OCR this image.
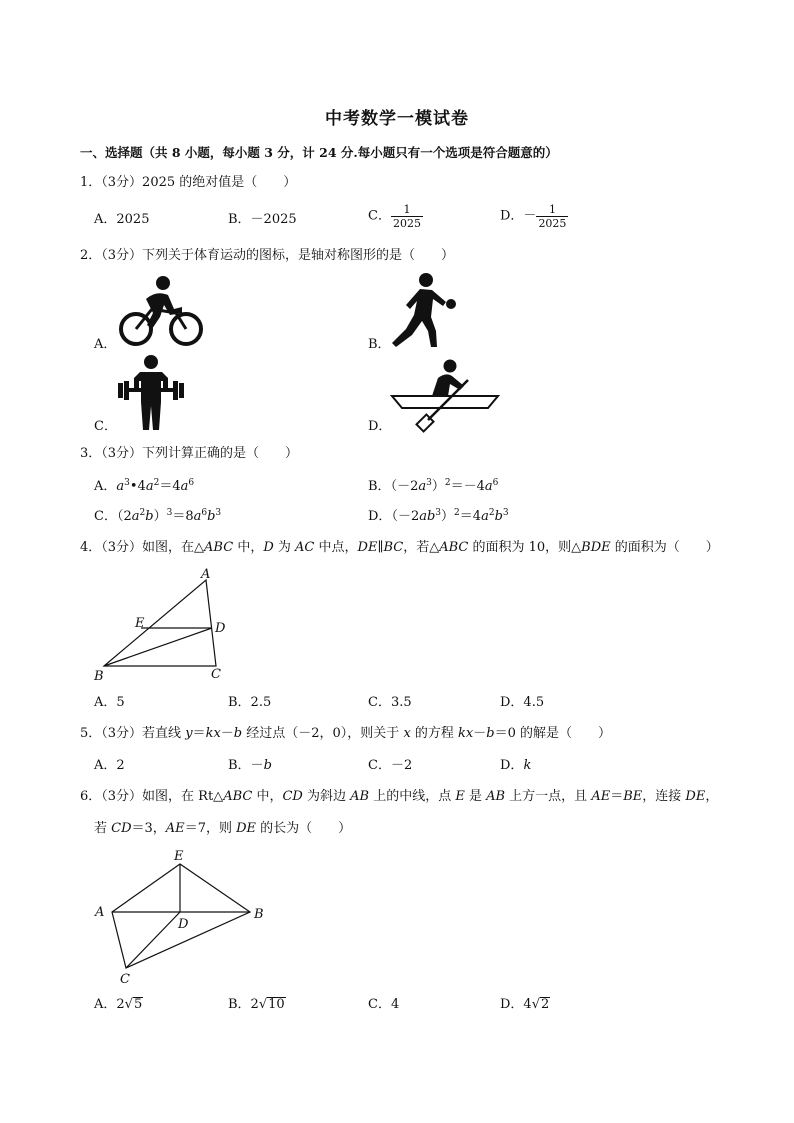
中考数学一模试卷
一、选择题（共 8 小题，每小题 3 分，计 24 分.每小题只有一个选项是符合题意的）
1．（3分）2025 的绝对值是（　　）
A．2025	B．－2025	C． $\frac{1}{2025}$	D．－ $\frac{1}{2025}$
2．（3分）下列关于体育运动的图标，是轴对称图形的是（　　）
A．	B．
C．	D．
3．（3分）下列计算正确的是（　　）
A．$a^3•4a^2=4a^6$	B．$(-2a^3)^2=-4a^6$
C．$(2a^2b)^3=8a^6b^3$	D．$(-2ab^3)^2=4a^2b^3$
4．（3分）如图，在△ABC 中，D 为 AC 中点，DE∥BC，若△ABC 的面积为 10，则△BDE 的面积为（　　）
A
B	C
D
E
A．5	B．2.5	C．3.5	D．4.5
5．（3分）若直线 y＝kx－b 经过点（－2，0），则关于 x 的方程 kx－b＝0 的解是（　　）
A．2	B．－b	C．－2	D．k
6．（3分）如图，在 Rt△ABC 中，CD 为斜边 AB 上的中线，点 E 是 AB 上方一点，且 AE＝BE，连接 DE，
若 CD＝3，AE＝7，则 DE 的长为（　　）
E
A	B
D
C
A．2√5	B．2√10	C．4	D．4√2
